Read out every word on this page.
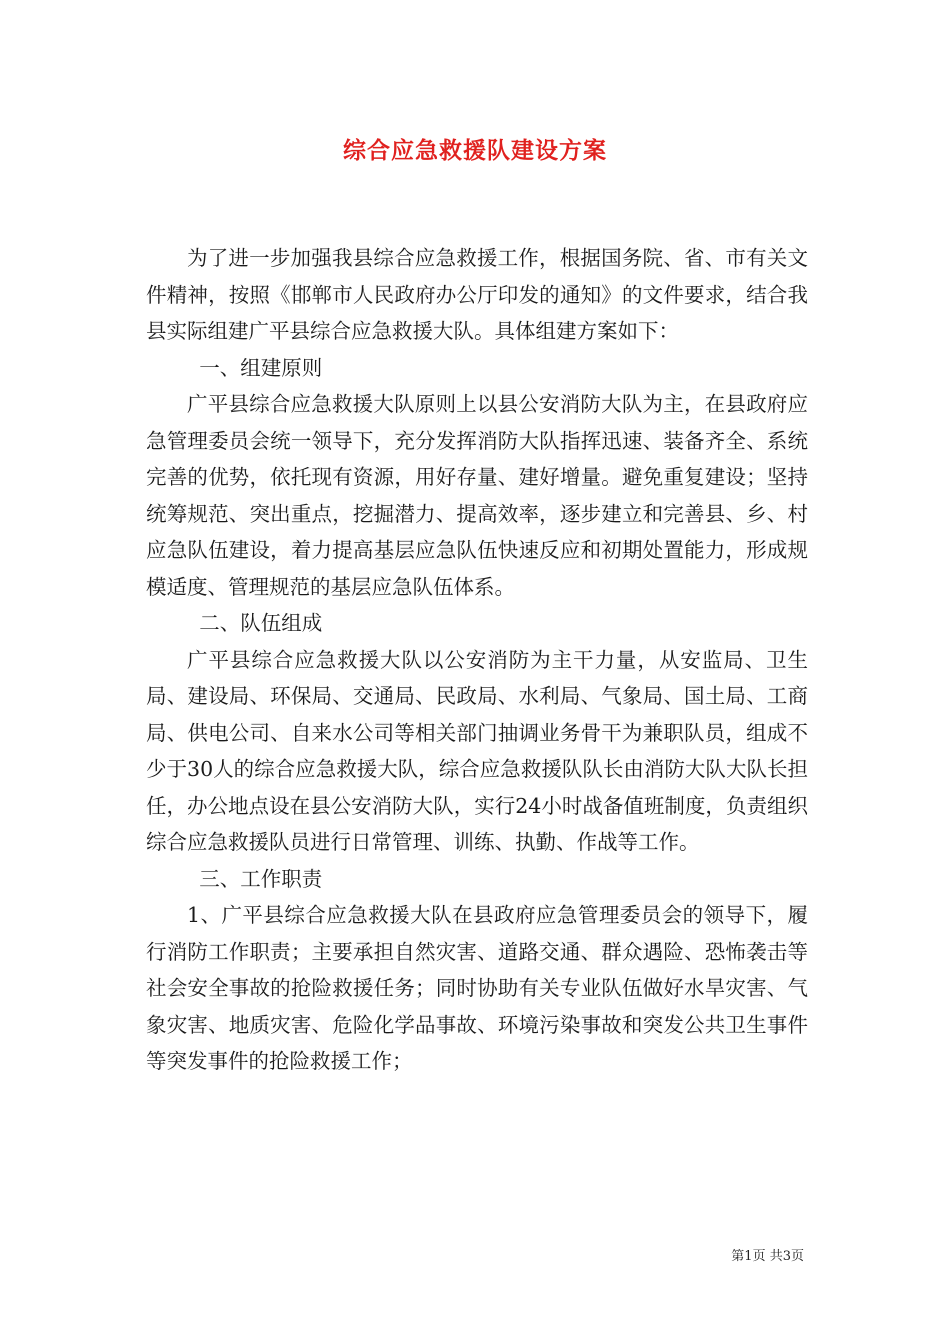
综合应急救援队建设方案

为了进一步加强我县综合应急救援工作，根据国务院、省、市有关文件精神，按照《邯郸市人民政府办公厅印发的通知》的文件要求，结合我县实际组建广平县综合应急救援大队。具体组建方案如下：

一、组建原则

广平县综合应急救援大队原则上以县公安消防大队为主，在县政府应急管理委员会统一领导下，充分发挥消防大队指挥迅速、装备齐全、系统完善的优势，依托现有资源，用好存量、建好增量。避免重复建设；坚持统筹规范、突出重点，挖掘潜力、提高效率，逐步建立和完善县、乡、村应急队伍建设，着力提高基层应急队伍快速反应和初期处置能力，形成规模适度、管理规范的基层应急队伍体系。

二、队伍组成

广平县综合应急救援大队以公安消防为主干力量，从安监局、卫生局、建设局、环保局、交通局、民政局、水利局、气象局、国土局、工商局、供电公司、自来水公司等相关部门抽调业务骨干为兼职队员，组成不少于30人的综合应急救援大队，综合应急救援队队长由消防大队大队长担任，办公地点设在县公安消防大队，实行24小时战备值班制度，负责组织综合应急救援队员进行日常管理、训练、执勤、作战等工作。

三、工作职责

1、广平县综合应急救援大队在县政府应急管理委员会的领导下，履行消防工作职责；主要承担自然灾害、道路交通、群众遇险、恐怖袭击等社会安全事故的抢险救援任务；同时协助有关专业队伍做好水旱灾害、气象灾害、地质灾害、危险化学品事故、环境污染事故和突发公共卫生事件等突发事件的抢险救援工作；

第1页 共3页
